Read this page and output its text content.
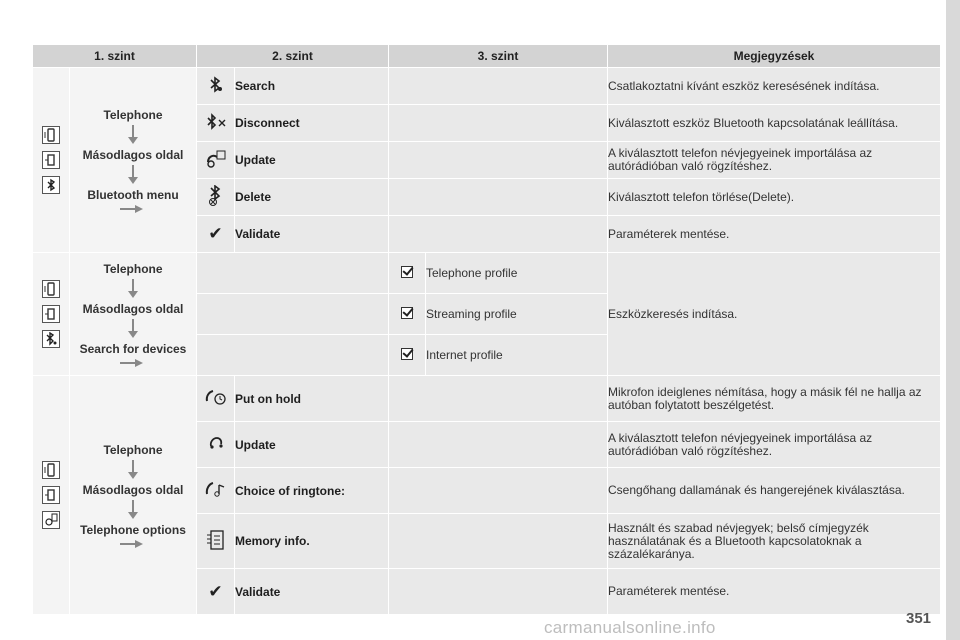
1. szint		2. szint		3. szint		Megjegyzések

Telephone
Másodlagos oldal
Bluetooth menu		Search			Csatlakoztatni kívánt eszköz keresésének indítása.
	Disconnect			Kiválasztott eszköz Bluetooth kapcsolatának leállítása.
	Update			A kiválasztott telefon névjegyeinek importálása az autórádióban való rögzítéshez.
	Delete			Kiválasztott telefon törlése(Delete).
		✔	Validate			Paraméterek mentése.

Telephone
Másodlagos oldal
Search for devices				Telephone profile	Eszközkeresés indítása.
					Streaming profile	
					Internet profile	

Telephone
Másodlagos oldal
Telephone options		Put on hold			Mikrofon ideiglenes némítása, hogy a másik fél ne hallja az autóban folytatott beszélgetést.
	Update			A kiválasztott telefon névjegyeinek importálása az autórádióban való rögzítéshez.
	Choice of ringtone:			Csengőhang dallamának és hangerejének kiválasztása.
	Memory info.			Használt és szabad névjegyek; belső címjegyzék használatának és a Bluetooth kapcsolatoknak a százalékaránya.
		✔	Validate			Paraméterek mentése.
carmanualsonline.info	351
